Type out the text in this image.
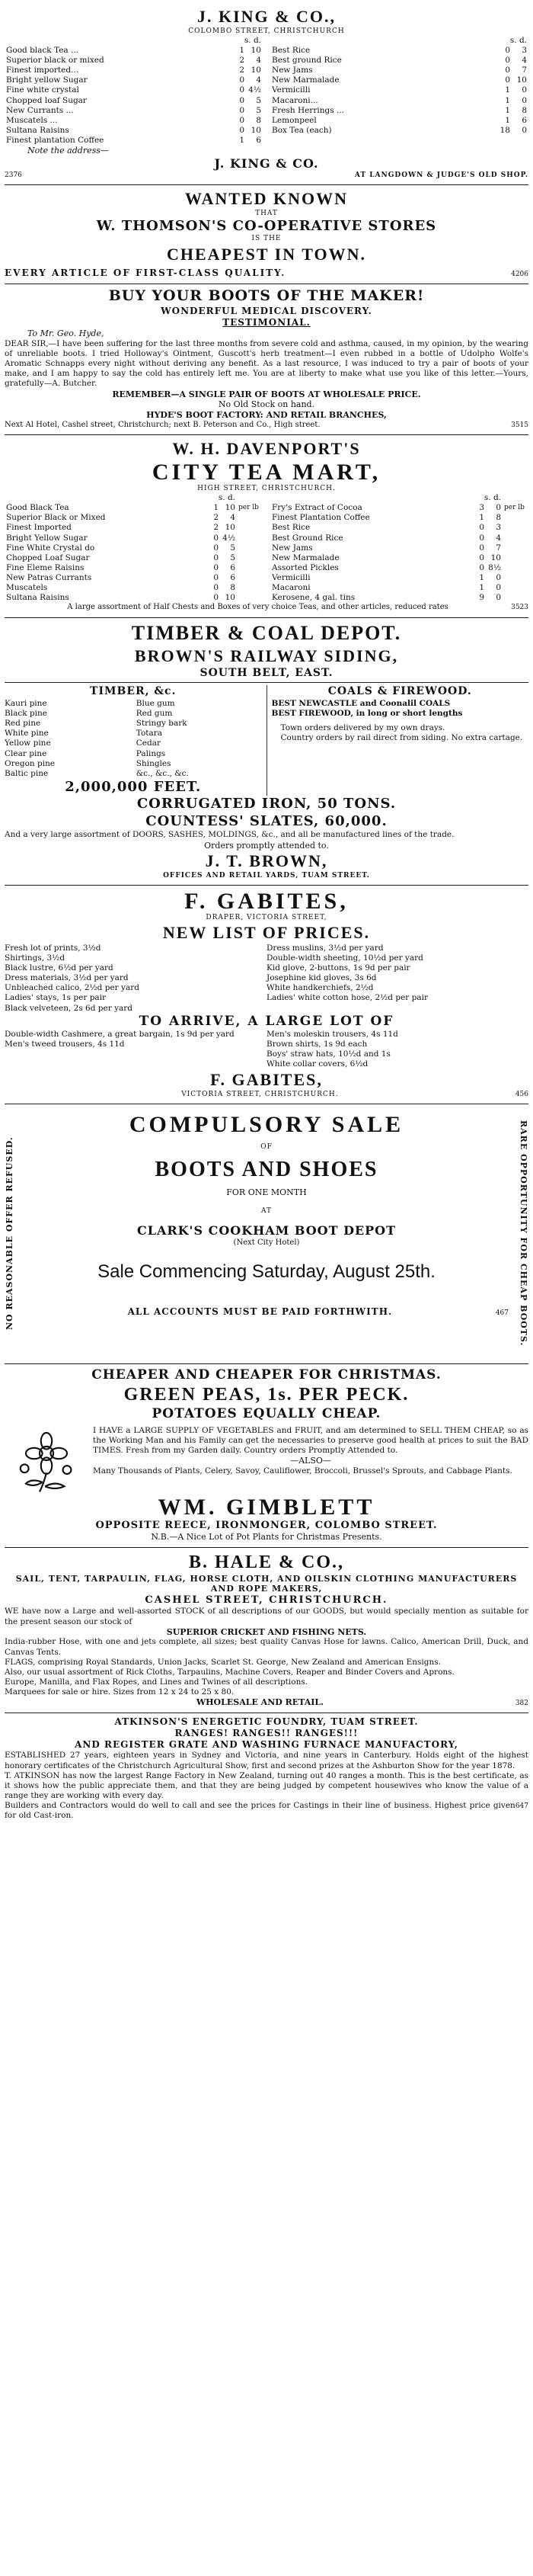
J. KING & CO.,
COLOMBO STREET, CHRISTCHURCH
	s. d.	
Good black Tea ...	1	10
Superior black or mixed	2	4
Finest imported...	2	10
Bright yellow Sugar	0	4
Fine white crystal	0	4½
Chopped loaf Sugar	0	5
New Currants ...	0	5
Muscatels ...	0	8
Sultana Raisins	0	10
Finest plantation Coffee	1	6
	s. d.	
Best Rice	0	3
Best ground Rice	0	4
New Jams	0	7
New Marmalade	0	10
Vermicilli	1	0
Macaroni...	1	0
Fresh Herrings ...	1	8
Lemonpeel	1	6
Box Tea (each)	18	0
Note the address—
J. KING & CO.
2376	AT LANGDOWN & JUDGE'S OLD SHOP.
WANTED KNOWN
THAT
W. THOMSON'S CO-OPERATIVE STORES
IS THE
CHEAPEST IN TOWN.
EVERY ARTICLE OF FIRST-CLASS QUALITY.	4206
BUY YOUR BOOTS OF THE MAKER!
WONDERFUL MEDICAL DISCOVERY.
TESTIMONIAL.
To Mr. Geo. Hyde,
DEAR SIR,—I have been suffering for the last three months from severe cold and asthma, caused, in my opinion, by the wearing of unreliable boots. I tried Holloway's Ointment, Guscott's herb treatment—I even rubbed in a bottle of Udolpho Wolfe's Aromatic Schnapps every night without deriving any benefit. As a last resource, I was induced to try a pair of boots of your make, and I am happy to say the cold has entirely left me. You are at liberty to make what use you like of this letter.—Yours, gratefully—A. Butcher.
REMEMBER—A SINGLE PAIR OF BOOTS AT WHOLESALE PRICE.
No Old Stock on hand.
HYDE'S BOOT FACTORY: AND RETAIL BRANCHES,
Next Al Hotel, Cashel street, Christchurch; next B. Peterson and Co., High street.	3515
W. H. DAVENPORT'S
CITY TEA MART,
HIGH STREET, CHRISTCHURCH.
	s. d.		
Good Black Tea	1	10	per lb
Superior Black or Mixed	2	4	
Finest Imported	2	10	
Bright Yellow Sugar	0	4½	
Fine White Crystal do	0	5	
Chopped Loaf Sugar	0	5	
Fine Eleme Raisins	0	6	
New Patras Currants	0	6	
Muscatels	0	8	
Sultana Raisins	0	10	
	s. d.		
Fry's Extract of Cocoa	3	0	per lb
Finest Plantation Coffee	1	8	
Best Rice	0	3	
Best Ground Rice	0	4	
New Jams	0	7	
New Marmalade	0	10	
Assorted Pickles	0	8½	
Vermicilli	1	0	
Macaroni	1	0	
Kerosene, 4 gal. tins	9	0	
A large assortment of Half Chests and Boxes of very choice Teas, and other articles, reduced rates	3523
TIMBER & COAL DEPOT.
BROWN'S RAILWAY SIDING,
SOUTH BELT, EAST.
TIMBER, &c.
Kauri pine	Blue gum
Black pine	Red gum
Red pine	Stringy bark
White pine	Totara
Yellow pine	Cedar
Clear pine	Palings
Oregon pine	Shingles
Baltic pine	&c., &c., &c.
2,000,000 FEET.
COALS & FIREWOOD.
BEST NEWCASTLE and Coonalil COALS
BEST FIREWOOD, in long or short lengths
Town orders delivered by my own drays.
Country orders by rail direct from siding. No extra cartage.
CORRUGATED IRON, 50 TONS.
COUNTESS' SLATES, 60,000.
And a very large assortment of DOORS, SASHES, MOLDINGS, &c., and all be manufactured lines of the trade.
Orders promptly attended to.
J. T. BROWN,
OFFICES AND RETAIL YARDS, TUAM STREET.
F. GABITES,
DRAPER, VICTORIA STREET,
NEW LIST OF PRICES.
Fresh lot of prints, 3½d
Shirtings, 3½d
Black lustre, 6½d per yard
Dress materials, 3½d per yard
Unbleached calico, 2½d per yard
Ladies' stays, 1s per pair
Black velveteen, 2s 6d per yard
Dress muslins, 3½d per yard
Double-width sheeting, 10½d per yard
Kid glove, 2-buttons, 1s 9d per pair
Josephine kid gloves, 3s 6d
White handkerchiefs, 2½d
Ladies' white cotton hose, 2½d per pair
TO ARRIVE, A LARGE LOT OF
Double-width Cashmere, a great bargain, 1s 9d per yard
Men's tweed trousers, 4s 11d
Men's moleskin trousers, 4s 11d
Brown shirts, 1s 9d each
Boys' straw hats, 10½d and 1s
White collar covers, 6½d
F. GABITES,
VICTORIA STREET, CHRISTCHURCH.	456
NO REASONABLE OFFER REFUSED.
COMPULSORY SALE
OF
BOOTS AND SHOES
FOR ONE MONTH
AT
CLARK'S COOKHAM BOOT DEPOT
(Next City Hotel)
Sale Commencing Saturday, August 25th.
ALL ACCOUNTS MUST BE PAID FORTHWITH.	467	RARE OPPORTUNITY FOR CHEAP BOOTS.
CHEAPER AND CHEAPER FOR CHRISTMAS.
GREEN PEAS, 1s. PER PECK.
POTATOES EQUALLY CHEAP.
I HAVE a LARGE SUPPLY OF VEGETABLES and FRUIT, and am determined to SELL THEM CHEAP, so as the Working Man and his Family can get the necessaries to preserve good health at prices to suit the BAD TIMES. Fresh from my Garden daily. Country orders Promptly Attended to.
—ALSO—
Many Thousands of Plants, Celery, Savoy, Cauliflower, Broccoli, Brussel's Sprouts, and Cabbage Plants.
WM. GIMBLETT
OPPOSITE REECE, IRONMONGER, COLOMBO STREET.
N.B.—A Nice Lot of Pot Plants for Christmas Presents.
B. HALE & CO.,
SAIL, TENT, TARPAULIN, FLAG, HORSE CLOTH, AND OILSKIN CLOTHING MANUFACTURERS AND ROPE MAKERS,
CASHEL STREET, CHRISTCHURCH.
WE have now a Large and well-assorted STOCK of all descriptions of our GOODS, but would specially mention as suitable for the present season our stock of
SUPERIOR CRICKET AND FISHING NETS.
India-rubber Hose, with one and jets complete, all sizes; best quality Canvas Hose for lawns. Calico, American Drill, Duck, and Canvas Tents.
FLAGS, comprising Royal Standards, Union Jacks, Scarlet St. George, New Zealand and American Ensigns.
Also, our usual assortment of Rick Cloths, Tarpaulins, Machine Covers, Reaper and Binder Covers and Aprons.
Europe, Manilla, and Flax Ropes, and Lines and Twines of all descriptions.
Marquees for sale or hire. Sizes from 12 x 24 to 25 x 80.
WHOLESALE AND RETAIL.	382
ATKINSON'S ENERGETIC FOUNDRY, TUAM STREET.
RANGES! RANGES!! RANGES!!!
AND REGISTER GRATE AND WASHING FURNACE MANUFACTORY,
ESTABLISHED 27 years, eighteen years in Sydney and Victoria, and nine years in Canterbury. Holds eight of the highest honorary certificates of the Christchurch Agricultural Show, first and second prizes at the Ashburton Show for the year 1878.
T. ATKINSON has now the largest Range Factory in New Zealand, turning out 40 ranges a month. This is the best certificate, as it shows how the public appreciate them, and that they are being judged by competent housewives who know the value of a range they are working with every day.
Builders and Contractors would do well to call and see the prices for Castings in their line of business. Highest price given for old Cast-iron.
647
